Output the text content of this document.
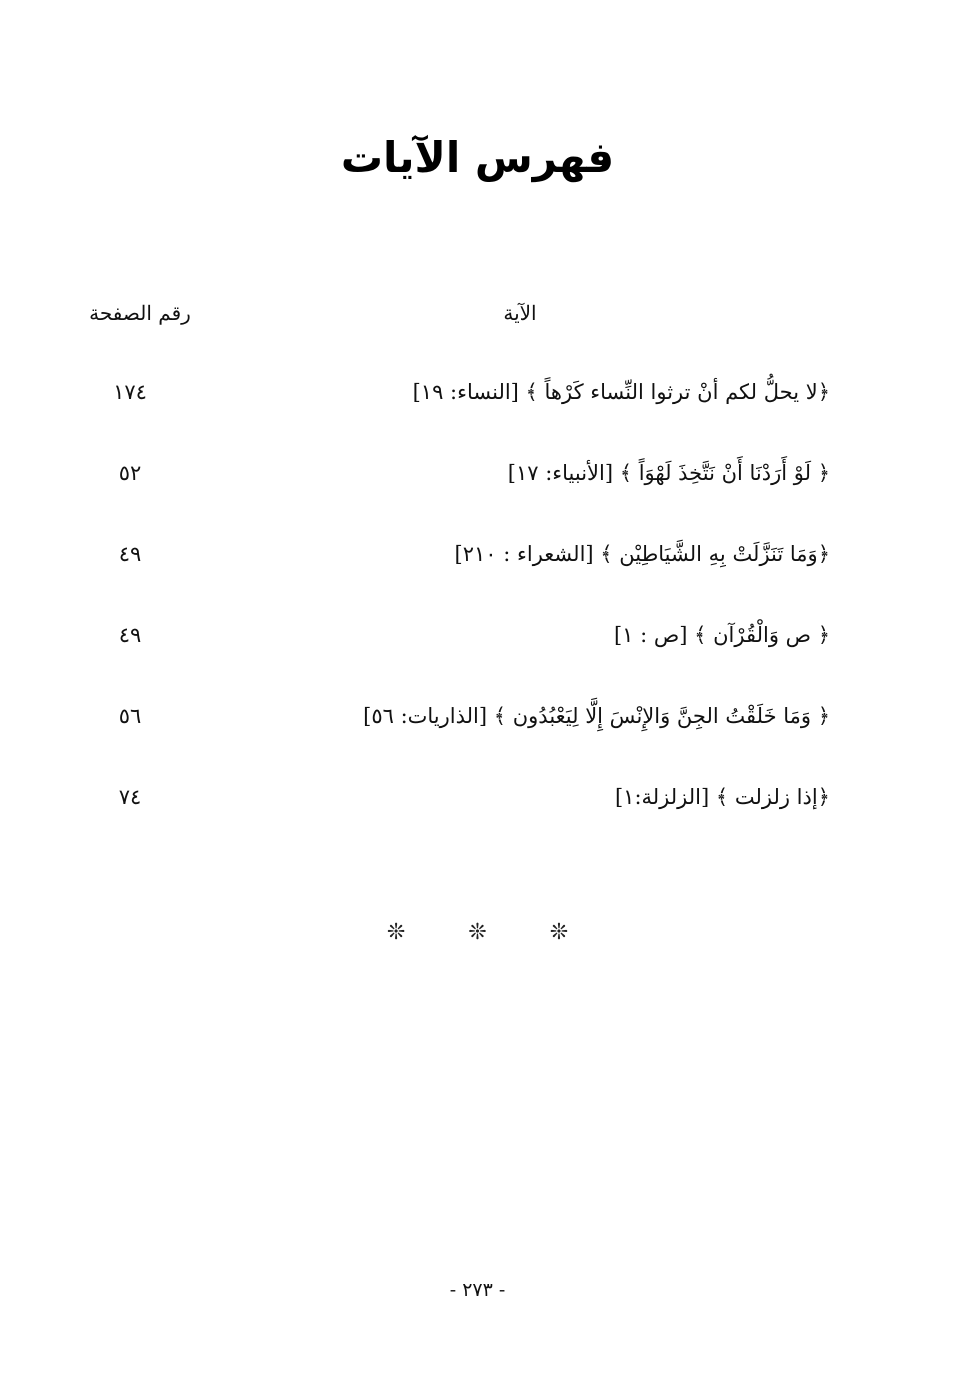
فهرس الآيات
الآية
رقم الصفحة
﴿لا يحلُّ لكم أنْ ترثوا النِّساء كَرْهاً ﴾ [النساء: ١٩]
١٧٤
﴿ لَوْ أَرَدْنَا أَنْ نَتَّخِذَ لَهْوَاً ﴾ [الأنبياء: ١٧]
٥٢
﴿وَمَا تَنَزَّلَتْ بِهِ الشَّيَاطِيْن ﴾ [الشعراء : ٢١٠]
٤٩
﴿ ص وَالْقُرْآن ﴾ [ص : ١]
٤٩
﴿ وَمَا خَلَقْتُ الجِنَّ وَالإِنْسَ إِلَّا لِيَعْبُدُون ﴾ [الذاريات: ٥٦]
٥٦
﴿إذا زلزلت ﴾ [الزلزلة:١]
٧٤
❊ ❊ ❊
- ٢٧٣ -
